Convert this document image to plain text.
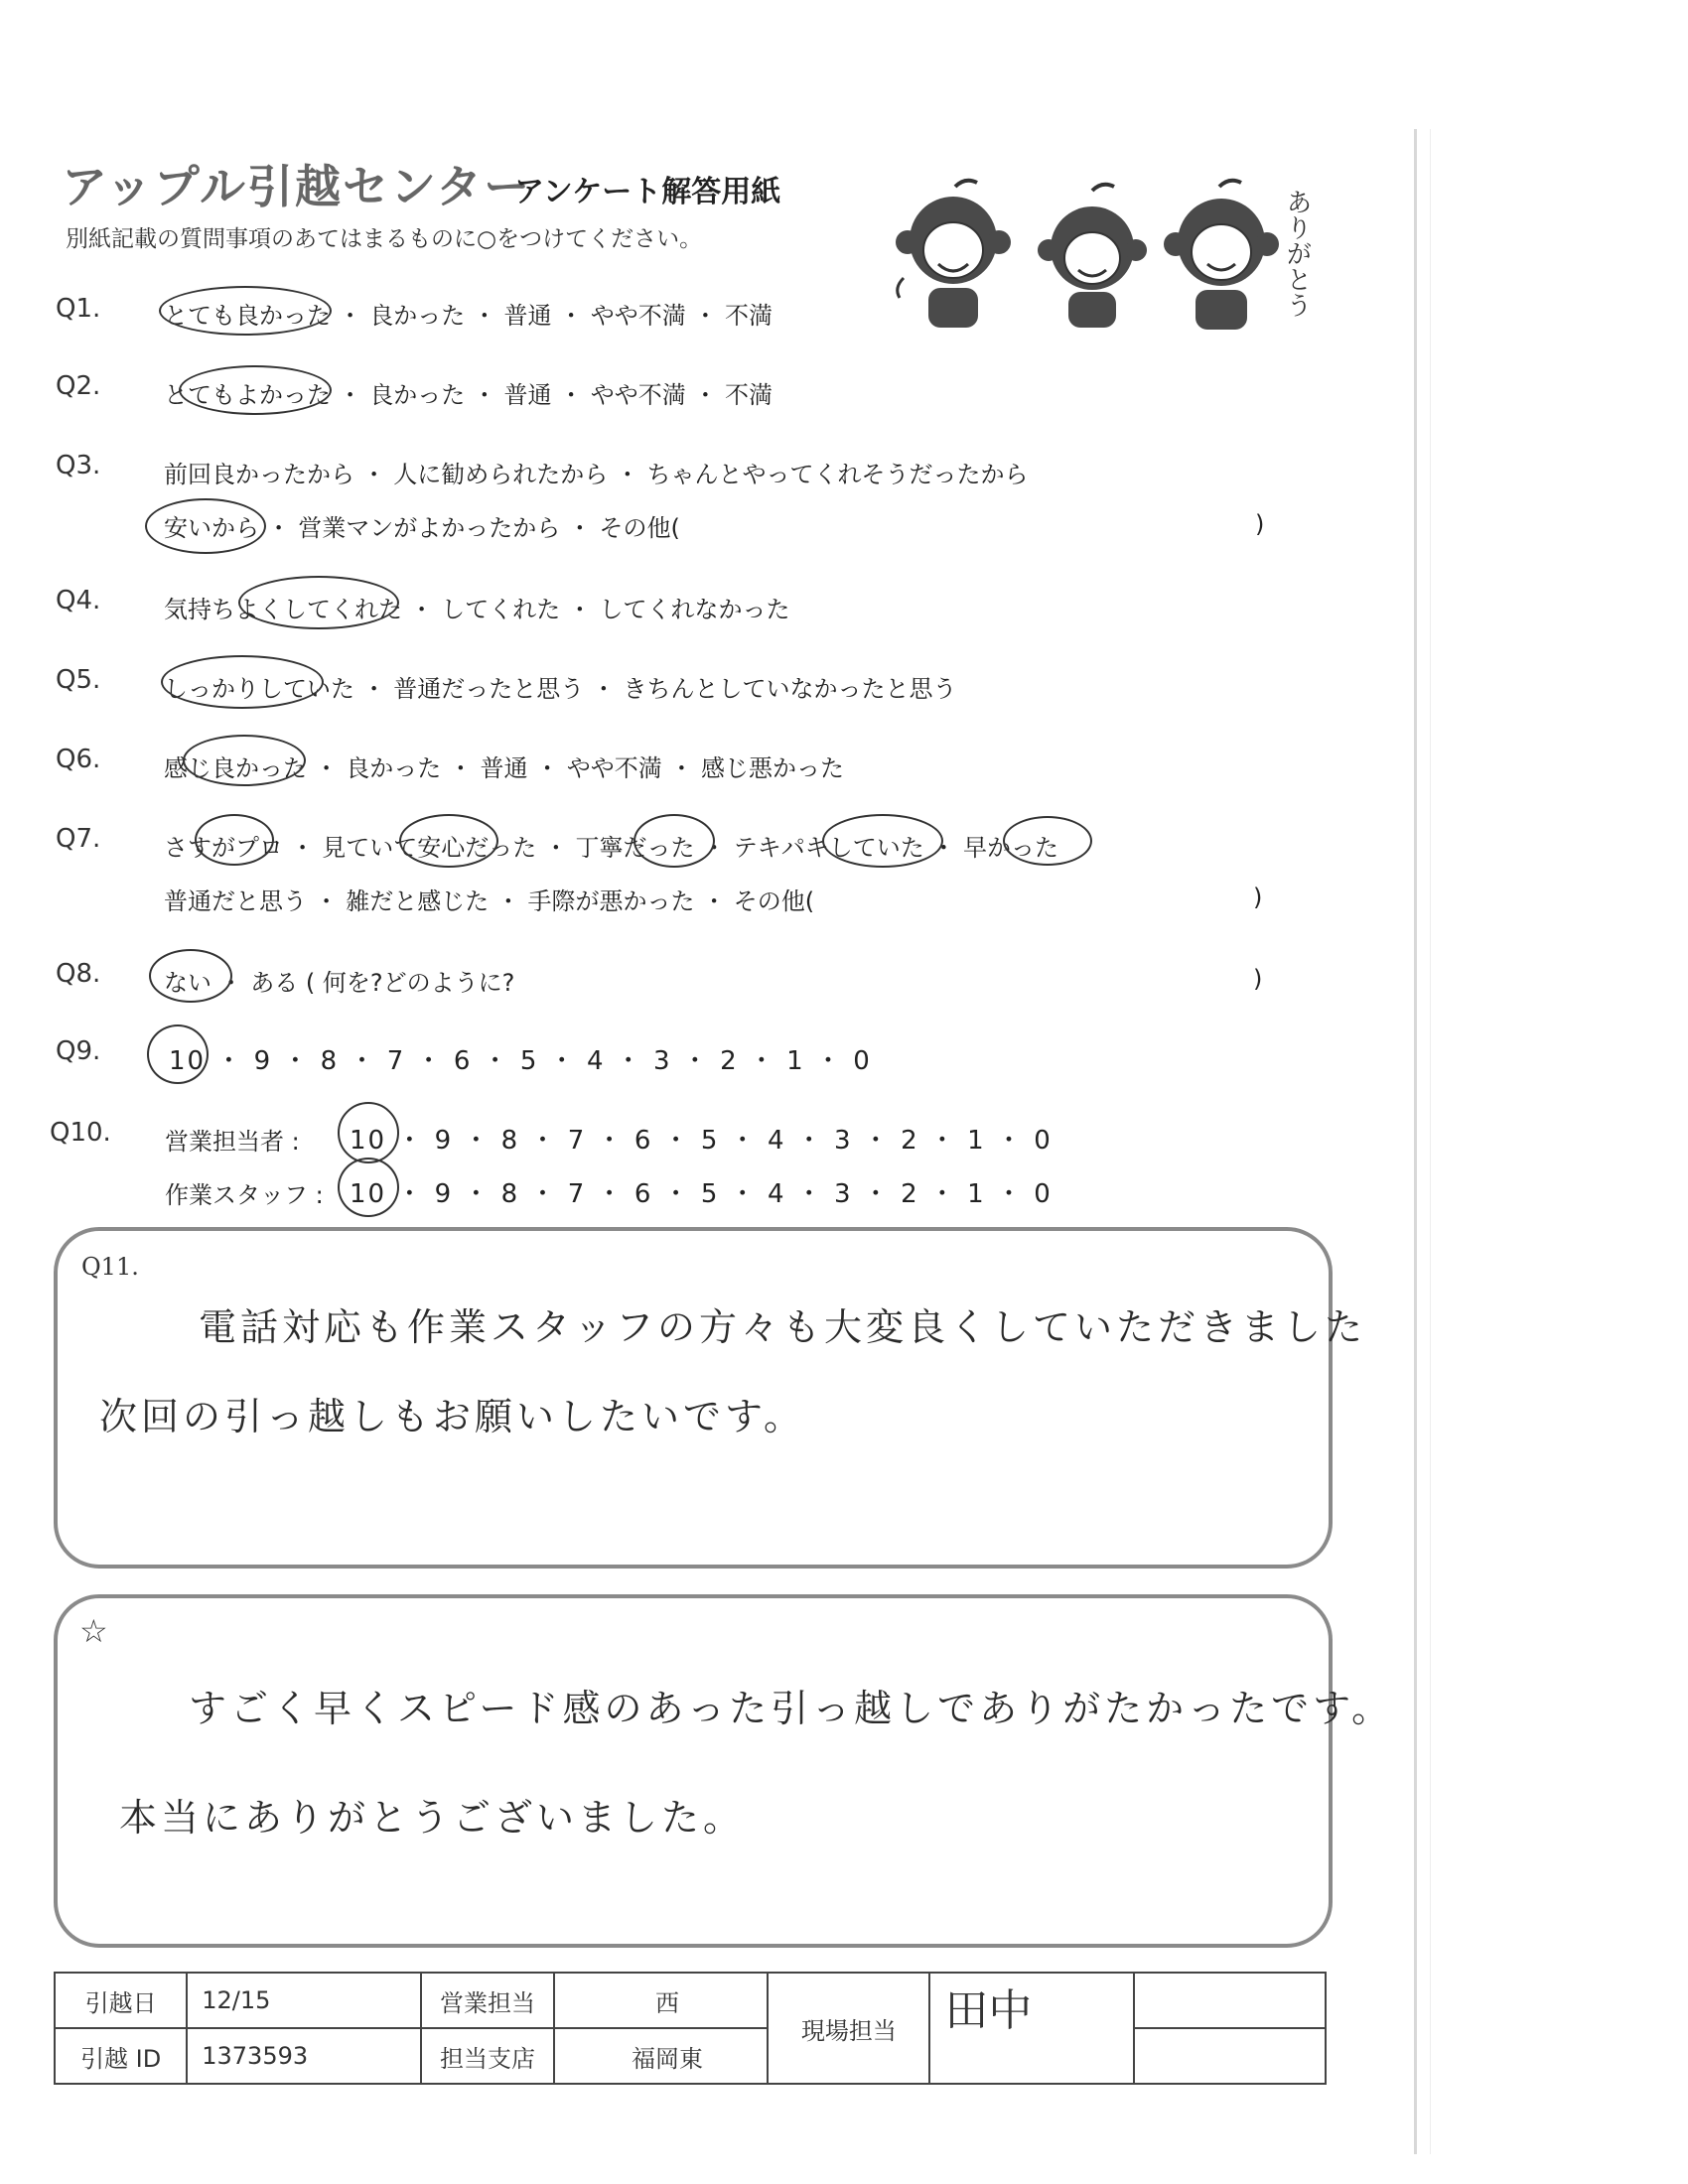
アップル引越センター
アンケート解答用紙
別紙記載の質問事項のあてはまるものに○をつけてください。	ありがとう
Q1.	とても良かった ・ 良かった ・ 普通 ・ やや不満 ・ 不満
Q2.	とてもよかった ・ 良かった ・ 普通 ・ やや不満 ・ 不満
Q3.	前回良かったから ・ 人に勧められたから ・ ちゃんとやってくれそうだったから
安いから ・ 営業マンがよかったから ・ その他(	)
Q4.	気持ちよくしてくれた ・ してくれた ・ してくれなかった
Q5.	しっかりしていた ・ 普通だったと思う ・ きちんとしていなかったと思う
Q6.	感じ良かった ・ 良かった ・ 普通 ・ やや不満 ・ 感じ悪かった
Q7.	さすがプロ ・ 見ていて安心だった ・ 丁寧だった ・ テキパキしていた ・ 早かった
普通だと思う ・ 雑だと感じた ・ 手際が悪かった ・ その他(	)
Q8.	ない ・ ある ( 何を?どのように?	)
Q9.	10 ・ 9 ・ 8 ・ 7 ・ 6 ・ 5 ・ 4 ・ 3 ・ 2 ・ 1 ・ 0
Q10. 営業担当者 : 10 ・ 9 ・ 8 ・ 7 ・ 6 ・ 5 ・ 4 ・ 3 ・ 2 ・ 1 ・ 0
作業スタッフ : 10 ・ 9 ・ 8 ・ 7 ・ 6 ・ 5 ・ 4 ・ 3 ・ 2 ・ 1 ・ 0
Q11.
電話対応も作業スタッフの方々も大変良くしていただきました
次回の引っ越しもお願いしたいです。
☆
すごく早くスピード感のあった引っ越しでありがたかったです。
本当にありがとうございました。
引越日	12/15	営業担当	西	現場担当	田中	
引越 ID	1373593	担当支店	福岡東			
